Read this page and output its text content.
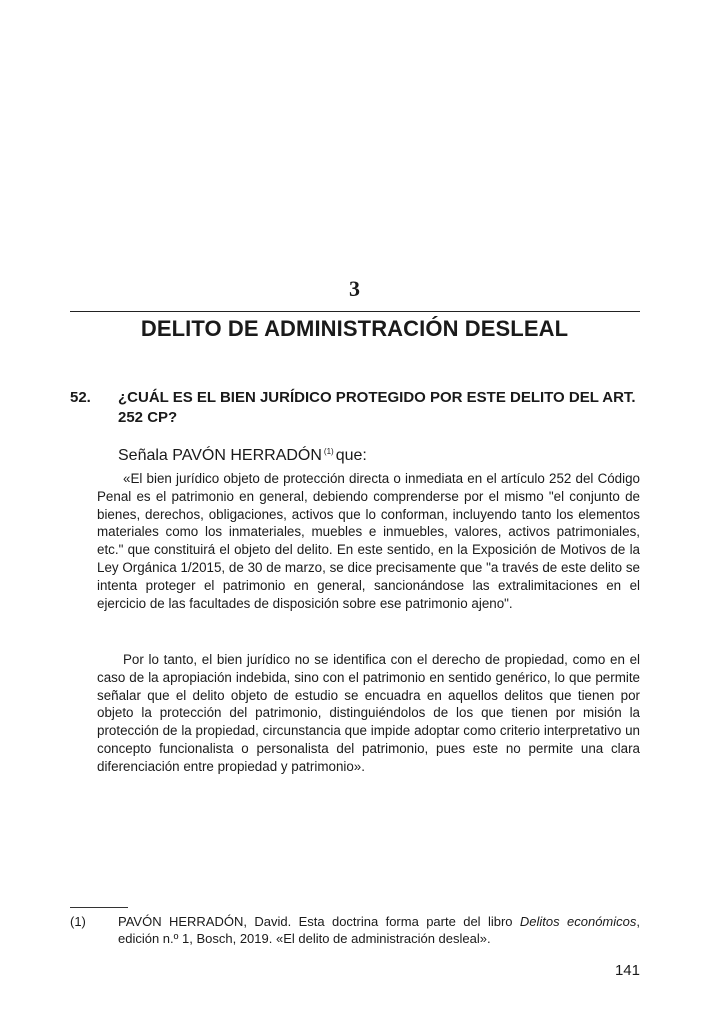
3
DELITO DE ADMINISTRACIÓN DESLEAL
52. ¿CUÁL ES EL BIEN JURÍDICO PROTEGIDO POR ESTE DELITO DEL ART. 252 CP?
Señala PAVÓN HERRADÓN $^{(1)}$ que:
«El bien jurídico objeto de protección directa o inmediata en el artículo 252 del Código Penal es el patrimonio en general, debiendo comprenderse por el mismo "el conjunto de bienes, derechos, obligaciones, activos que lo conforman, incluyendo tanto los elementos materiales como los inmateriales, muebles e inmuebles, valores, activos patrimoniales, etc." que constituirá el objeto del delito. En este sentido, en la Exposición de Motivos de la Ley Orgánica 1/2015, de 30 de marzo, se dice precisamente que "a través de este delito se intenta proteger el patrimonio en general, sancionándose las extralimitaciones en el ejercicio de las facultades de disposición sobre ese patrimonio ajeno".
Por lo tanto, el bien jurídico no se identifica con el derecho de propiedad, como en el caso de la apropiación indebida, sino con el patrimonio en sentido genérico, lo que permite señalar que el delito objeto de estudio se encuadra en aquellos delitos que tienen por objeto la protección del patrimonio, distinguiéndolos de los que tienen por misión la protección de la propiedad, circunstancia que impide adoptar como criterio interpretativo un concepto funcionalista o personalista del patrimonio, pues este no permite una clara diferenciación entre propiedad y patrimonio».
(1) PAVÓN HERRADÓN, David. Esta doctrina forma parte del libro Delitos económicos, edición n.º 1, Bosch, 2019. «El delito de administración desleal».
141
